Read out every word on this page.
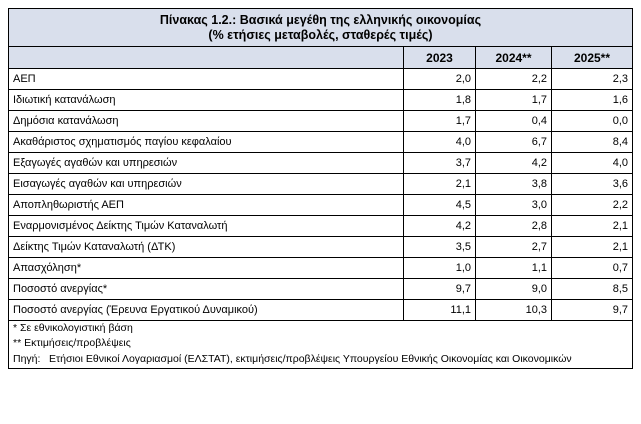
Πίνακας 1.2.: Βασικά μεγέθη της ελληνικής οικονομίας
(% ετήσιες μεταβολές, σταθερές τιμές)			

	2023	2024**	2025**
ΑΕΠ	2,0	2,2	2,3
Ιδιωτική κατανάλωση	1,8	1,7	1,6
Δημόσια κατανάλωση	1,7	0,4	0,0
Ακαθάριστος σχηματισμός παγίου κεφαλαίου	4,0	6,7	8,4
Εξαγωγές αγαθών και υπηρεσιών	3,7	4,2	4,0
Εισαγωγές αγαθών και υπηρεσιών	2,1	3,8	3,6
Αποπληθωριστής ΑΕΠ	4,5	3,0	2,2
Εναρμονισμένος Δείκτης Τιμών Καταναλωτή	4,2	2,8	2,1
Δείκτης Τιμών Καταναλωτή (ΔΤΚ)	3,5	2,7	2,1
Απασχόληση*	1,0	1,1	0,7
Ποσοστό ανεργίας*	9,7	9,0	8,5
Ποσοστό ανεργίας (Έρευνα Εργατικού Δυναμικού)	11,1	10,3	9,7
* Σε εθνικολογιστική βάση			
** Εκτιμήσεις/προβλέψεις			

Πηγή: Ετήσιοι Εθνικοί Λογαριασμοί (ΕΛΣΤΑΤ), εκτιμήσεις/προβλέψεις Υπουργείου Εθνικής Οικονομίας και Οικονομικών			
